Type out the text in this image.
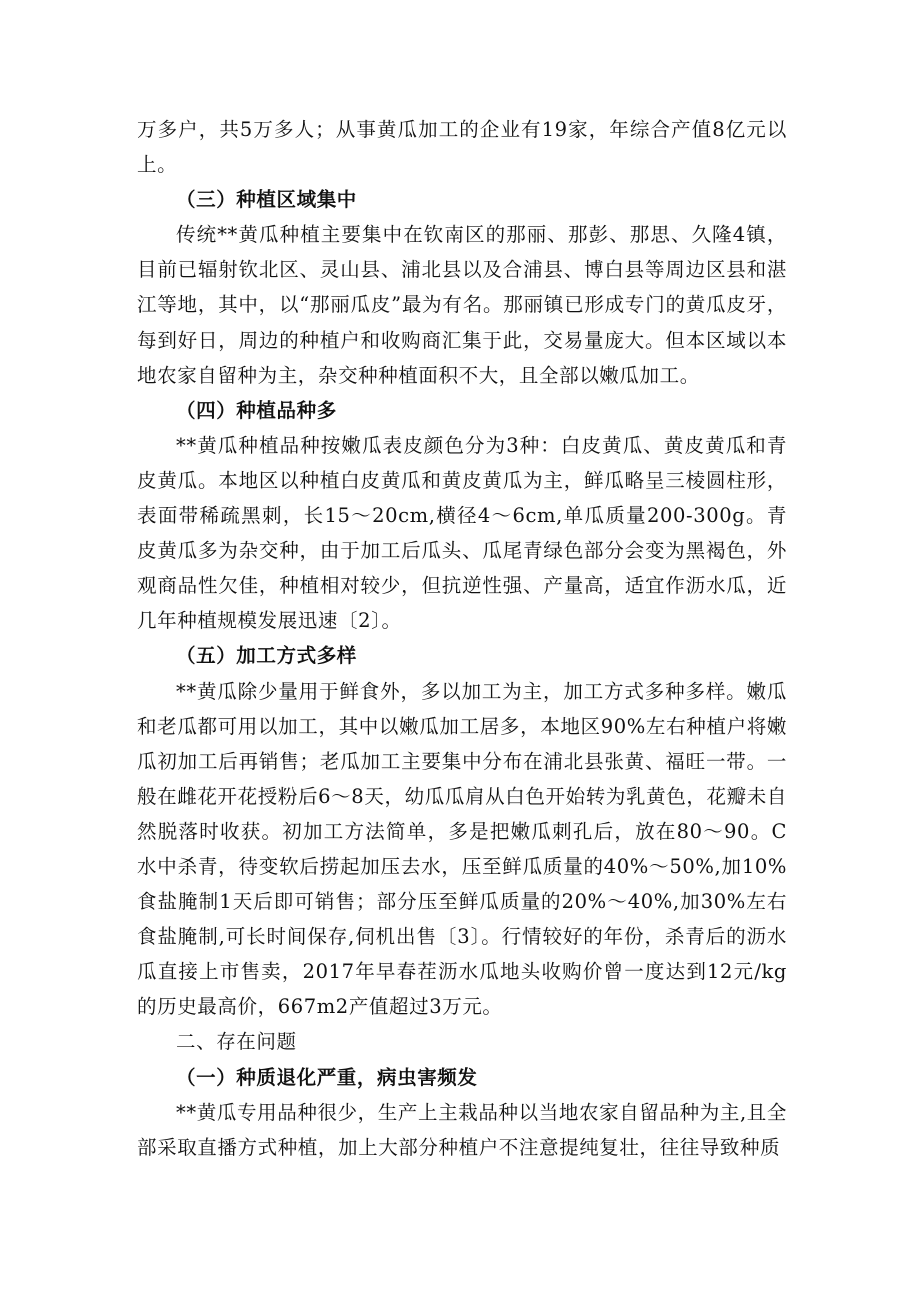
万多户，共5万多人；从事黄瓜加工的企业有19家，年综合产值8亿元以上。

（三）种植区域集中

传统**黄瓜种植主要集中在钦南区的那丽、那彭、那思、久隆4镇，目前已辐射钦北区、灵山县、浦北县以及合浦县、博白县等周边区县和湛江等地，其中，以“那丽瓜皮”最为有名。那丽镇已形成专门的黄瓜皮牙，每到好日，周边的种植户和收购商汇集于此，交易量庞大。但本区域以本地农家自留种为主，杂交种种植面积不大，且全部以嫩瓜加工。

（四）种植品种多

**黄瓜种植品种按嫩瓜表皮颜色分为3种：白皮黄瓜、黄皮黄瓜和青皮黄瓜。本地区以种植白皮黄瓜和黄皮黄瓜为主，鲜瓜略呈三棱圆柱形，表面带稀疏黑刺，长15～20cm,横径4～6cm,单瓜质量200-300g。青皮黄瓜多为杂交种，由于加工后瓜头、瓜尾青绿色部分会变为黑褐色，外观商品性欠佳，种植相对较少，但抗逆性强、产量高，适宜作沥水瓜，近几年种植规模发展迅速〔2〕。

（五）加工方式多样

**黄瓜除少量用于鲜食外，多以加工为主，加工方式多种多样。嫩瓜和老瓜都可用以加工，其中以嫩瓜加工居多，本地区90%左右种植户将嫩瓜初加工后再销售；老瓜加工主要集中分布在浦北县张黄、福旺一带。一般在雌花开花授粉后6～8天，幼瓜瓜肩从白色开始转为乳黄色，花瓣未自然脱落时收获。初加工方法简单，多是把嫩瓜刺孔后，放在80～90。C水中杀青，待变软后捞起加压去水，压至鲜瓜质量的40%～50%,加10%食盐腌制1天后即可销售；部分压至鲜瓜质量的20%～40%,加30%左右食盐腌制,可长时间保存,伺机出售〔3〕。行情较好的年份，杀青后的沥水瓜直接上市售卖，2017年早春茬沥水瓜地头收购价曾一度达到12元/kg的历史最高价，667m2产值超过3万元。

二、存在问题

（一）种质退化严重，病虫害频发

**黄瓜专用品种很少，生产上主栽品种以当地农家自留品种为主,且全部采取直播方式种植，加上大部分种植户不注意提纯复壮，往往导致种质
